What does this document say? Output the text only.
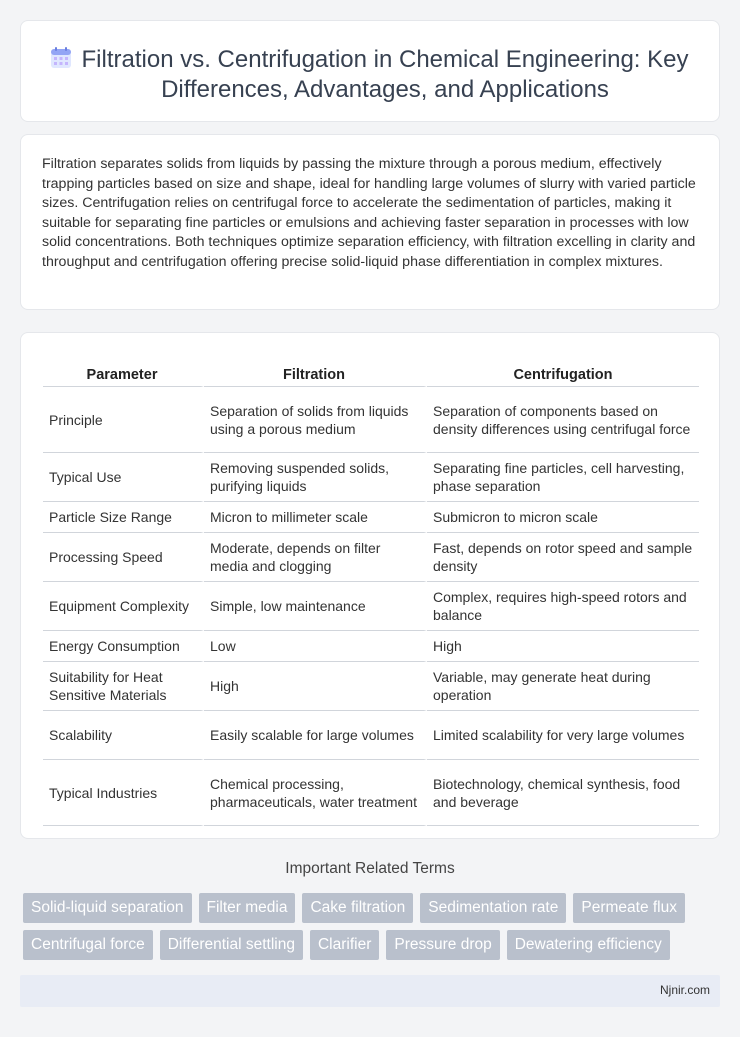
Filtration vs. Centrifugation in Chemical Engineering: Key Differences, Advantages, and Applications

Filtration separates solids from liquids by passing the mixture through a porous medium, effectively trapping particles based on size and shape, ideal for handling large volumes of slurry with varied particle sizes. Centrifugation relies on centrifugal force to accelerate the sedimentation of particles, making it suitable for separating fine particles or emulsions and achieving faster separation in processes with low solid concentrations. Both techniques optimize separation efficiency, with filtration excelling in clarity and throughput and centrifugation offering precise solid-liquid phase differentiation in complex mixtures.

Parameter	Filtration	Centrifugation
Principle	Separation of solids from liquids using a porous medium	Separation of components based on density differences using centrifugal force
Typical Use	Removing suspended solids, purifying liquids	Separating fine particles, cell harvesting, phase separation
Particle Size Range	Micron to millimeter scale	Submicron to micron scale
Processing Speed	Moderate, depends on filter media and clogging	Fast, depends on rotor speed and sample density
Equipment Complexity	Simple, low maintenance	Complex, requires high-speed rotors and balance
Energy Consumption	Low	High
Suitability for Heat Sensitive Materials	High	Variable, may generate heat during operation
Scalability	Easily scalable for large volumes	Limited scalability for very large volumes
Typical Industries	Chemical processing, pharmaceuticals, water treatment	Biotechnology, chemical synthesis, food and beverage
Important Related Terms
Solid-liquid separation	Filter media	Cake filtration	Sedimentation rate	Permeate flux
Centrifugal force	Differential settling	Clarifier	Pressure drop	Dewatering efficiency
Njnir.com
